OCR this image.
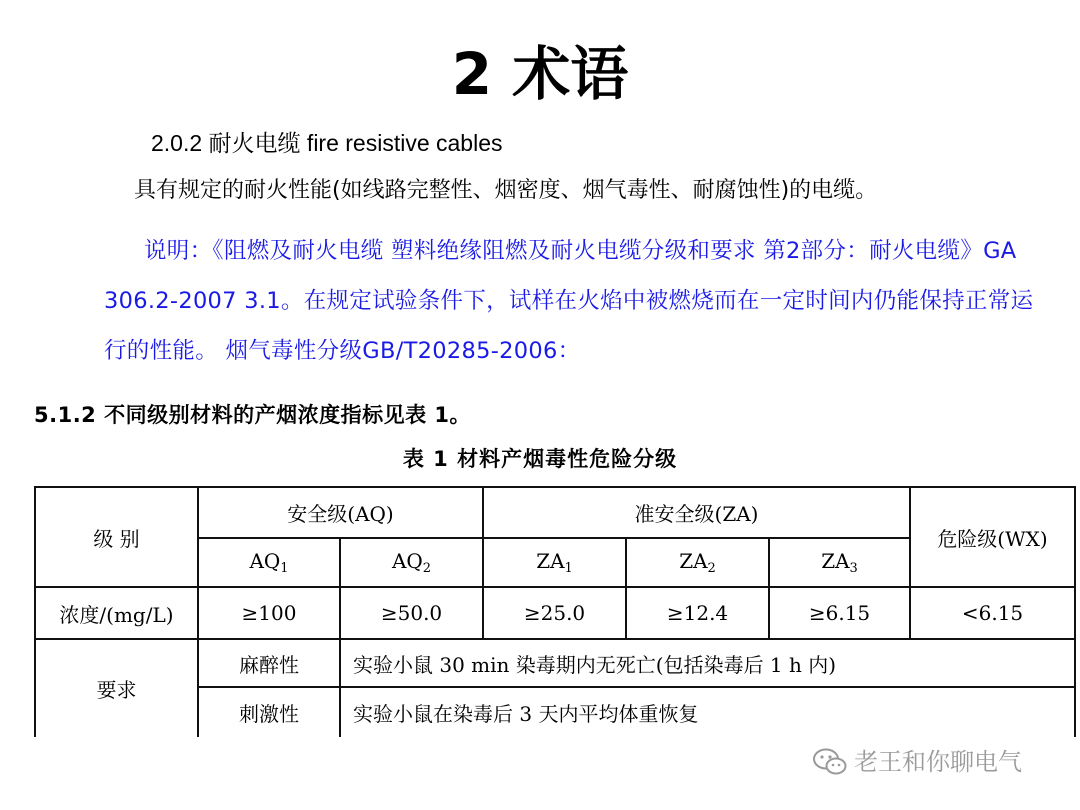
2 术语
2.0.2 耐火电缆 fire resistive cables
具有规定的耐火性能(如线路完整性、烟密度、烟气毒性、耐腐蚀性)的电缆。
说明：《阻燃及耐火电缆 塑料绝缘阻燃及耐火电缆分级和要求 第2部分：耐火电缆》GA 306.2-2007 3.1。在规定试验条件下，试样在火焰中被燃烧而在一定时间内仍能保持正常运行的性能。 烟气毒性分级GB/T20285-2006：
5.1.2 不同级别材料的产烟浓度指标见表 1。
表 1 材料产烟毒性危险分级
级 别	安全级(AQ)		准安全级(ZA)			危险级(WX)
	$AQ_1$	$AQ_2$	$ZA_1$	$ZA_2$	$ZA_3$
浓度/(mg/L)	≥100	≥50.0	≥25.0	≥12.4	≥6.15	<6.15
要求	麻醉性	实验小鼠 30 min 染毒期内无死亡(包括染毒后 1 h 内)				
	刺激性	实验小鼠在染毒后 3 天内平均体重恢复				
老王和你聊电气
